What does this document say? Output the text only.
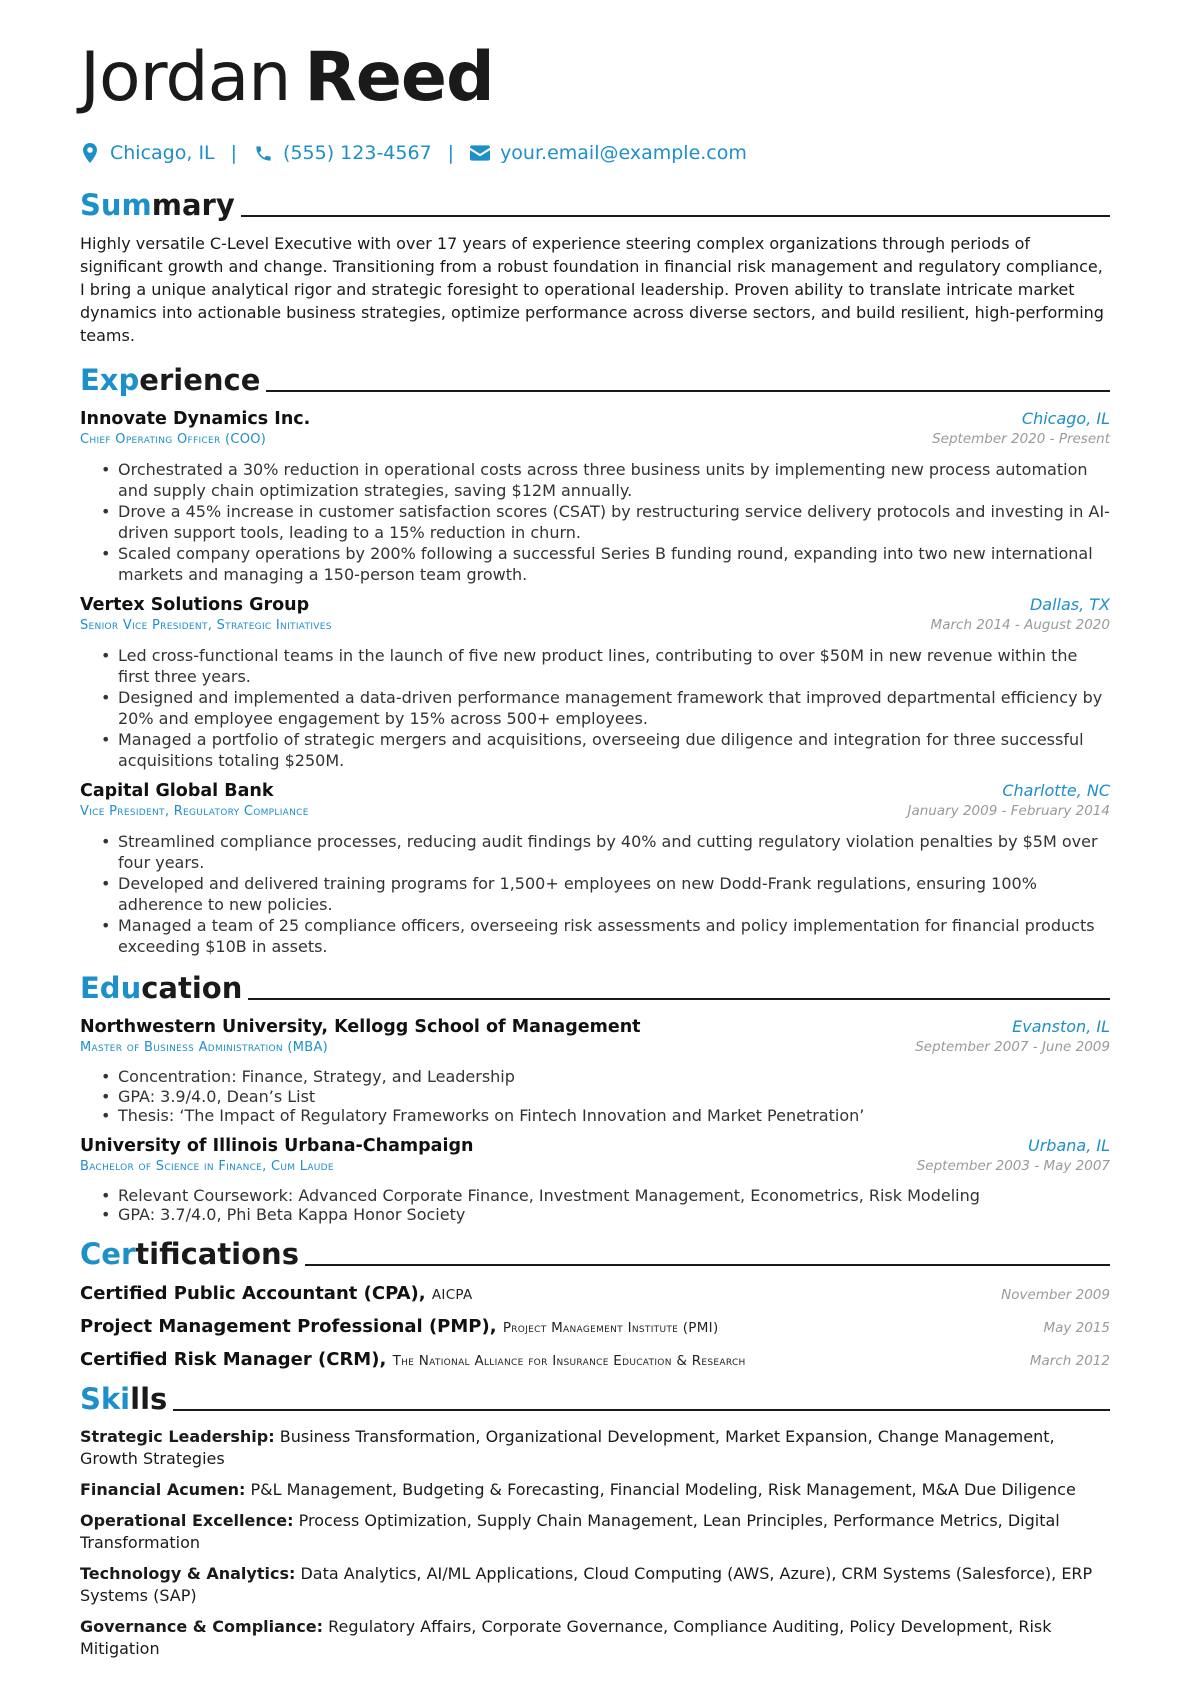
Jordan Reed
Chicago, IL | (555) 123-4567 | your.email@example.com
Summary

Highly versatile C-Level Executive with over 17 years of experience steering complex organizations through periods of significant growth and change. Transitioning from a robust foundation in financial risk management and regulatory compliance, I bring a unique analytical rigor and strategic foresight to operational leadership. Proven ability to translate intricate market dynamics into actionable business strategies, optimize performance across diverse sectors, and build resilient, high-performing teams.

Experience
Innovate Dynamics Inc.	Chicago, IL
Chief Operating Officer (COO)	September 2020 - Present
• Orchestrated a 30% reduction in operational costs across three business units by implementing new process automation and supply chain optimization strategies, saving $12M annually.
• Drove a 45% increase in customer satisfaction scores (CSAT) by restructuring service delivery protocols and investing in AI-driven support tools, leading to a 15% reduction in churn.
• Scaled company operations by 200% following a successful Series B funding round, expanding into two new international markets and managing a 150-person team growth.
Vertex Solutions Group	Dallas, TX
Senior Vice President, Strategic Initiatives	March 2014 - August 2020
• Led cross-functional teams in the launch of five new product lines, contributing to over $50M in new revenue within the first three years.
• Designed and implemented a data-driven performance management framework that improved departmental efficiency by 20% and employee engagement by 15% across 500+ employees.
• Managed a portfolio of strategic mergers and acquisitions, overseeing due diligence and integration for three successful acquisitions totaling $250M.
Capital Global Bank	Charlotte, NC
Vice President, Regulatory Compliance	January 2009 - February 2014
• Streamlined compliance processes, reducing audit findings by 40% and cutting regulatory violation penalties by $5M over four years.
• Developed and delivered training programs for 1,500+ employees on new Dodd-Frank regulations, ensuring 100% adherence to new policies.
• Managed a team of 25 compliance officers, overseeing risk assessments and policy implementation for financial products exceeding $10B in assets.
Education
Northwestern University, Kellogg School of Management	Evanston, IL
Master of Business Administration (MBA)	September 2007 - June 2009
• Concentration: Finance, Strategy, and Leadership
• GPA: 3.9/4.0, Dean’s List
• Thesis: ‘The Impact of Regulatory Frameworks on Fintech Innovation and Market Penetration’
University of Illinois Urbana-Champaign	Urbana, IL
Bachelor of Science in Finance, Cum Laude	September 2003 - May 2007
• Relevant Coursework: Advanced Corporate Finance, Investment Management, Econometrics, Risk Modeling
• GPA: 3.7/4.0, Phi Beta Kappa Honor Society
Certifications
Certified Public Accountant (CPA), AICPA	November 2009
Project Management Professional (PMP), Project Management Institute (PMI)	May 2015
Certified Risk Manager (CRM), The National Alliance for Insurance Education & Research	March 2012
Skills
Strategic Leadership: Business Transformation, Organizational Development, Market Expansion, Change Management, Growth Strategies
Financial Acumen: P&L Management, Budgeting & Forecasting, Financial Modeling, Risk Management, M&A Due Diligence
Operational Excellence: Process Optimization, Supply Chain Management, Lean Principles, Performance Metrics, Digital Transformation
Technology & Analytics: Data Analytics, AI/ML Applications, Cloud Computing (AWS, Azure), CRM Systems (Salesforce), ERP Systems (SAP)
Governance & Compliance: Regulatory Affairs, Corporate Governance, Compliance Auditing, Policy Development, Risk Mitigation
